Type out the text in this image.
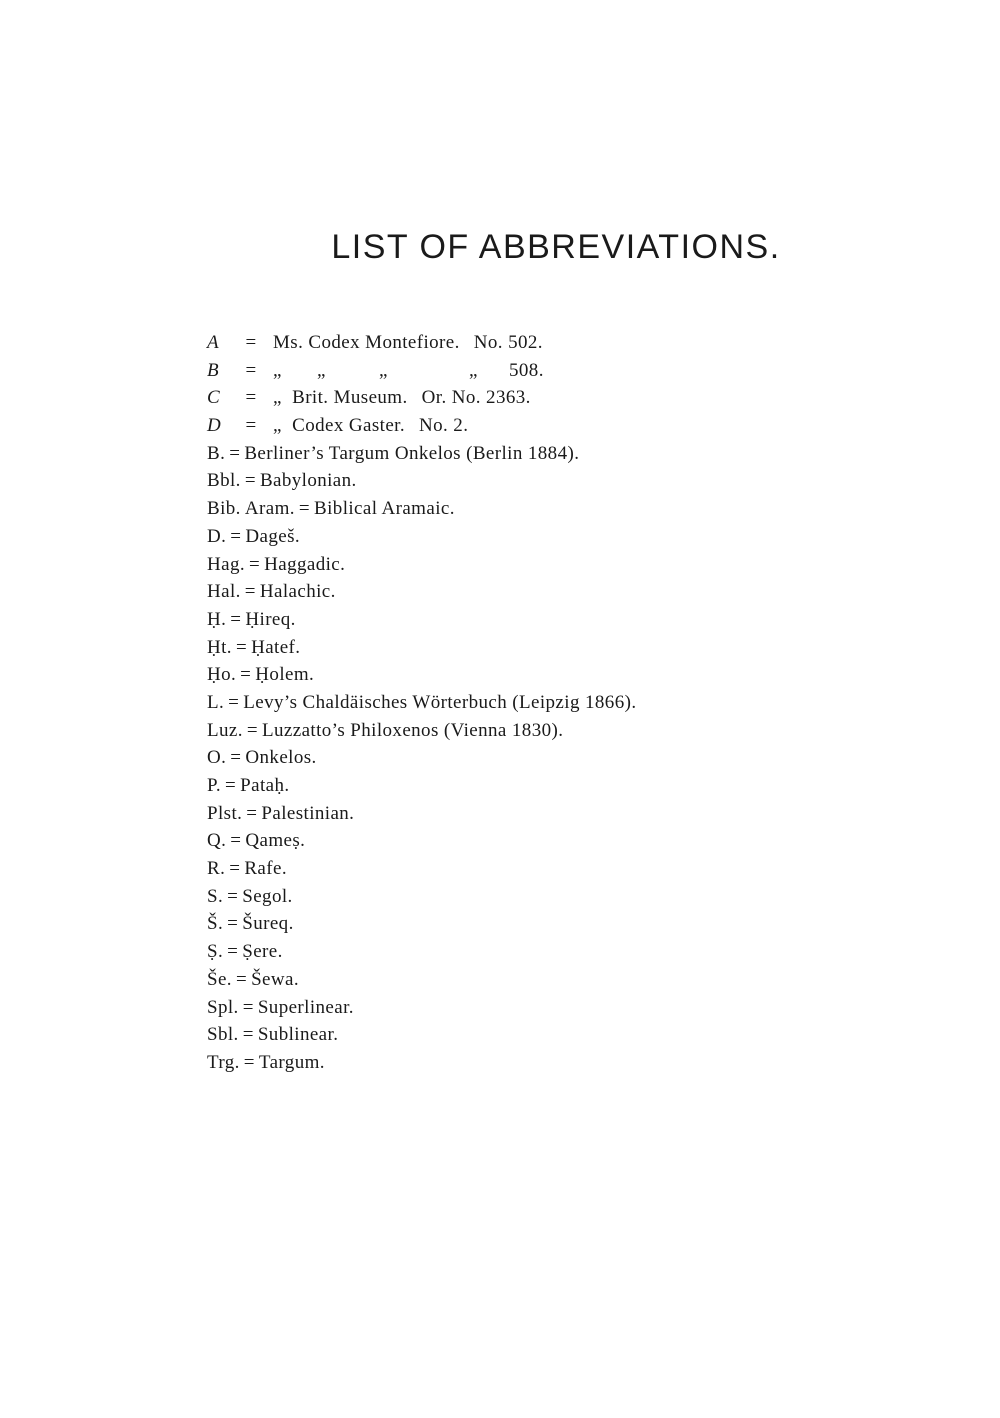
LIST OF ABBREVIATIONS.
A	= Ms. Codex Montefiore. No. 502.
B	= „	„	„	„	508.
C	= „  Brit. Museum. Or. No. 2363.
D	= „  Codex Gaster. No. 2.
B. = Berliner’s Targum Onkelos (Berlin 1884).
Bbl. = Babylonian.
Bib. Aram. = Biblical Aramaic.
D. = Dageš.
Hag. = Haggadic.
Hal. = Halachic.
Ḥ. = Ḥireq.
Ḥt. = Ḥatef.
Ḥo. = Ḥolem.
L. = Levy’s Chaldäisches Wörterbuch (Leipzig 1866).
Luz. = Luzzatto’s Philoxenos (Vienna 1830).
O. = Onkelos.
P. = Pataḥ.
Plst. = Palestinian.
Q. = Qameṣ.
R. = Rafe.
S. = Segol.
Š. = Šureq.
Ṣ. = Ṣere.
Še. = Šewa.
Spl. = Superlinear.
Sbl. = Sublinear.
Trg. = Targum.
